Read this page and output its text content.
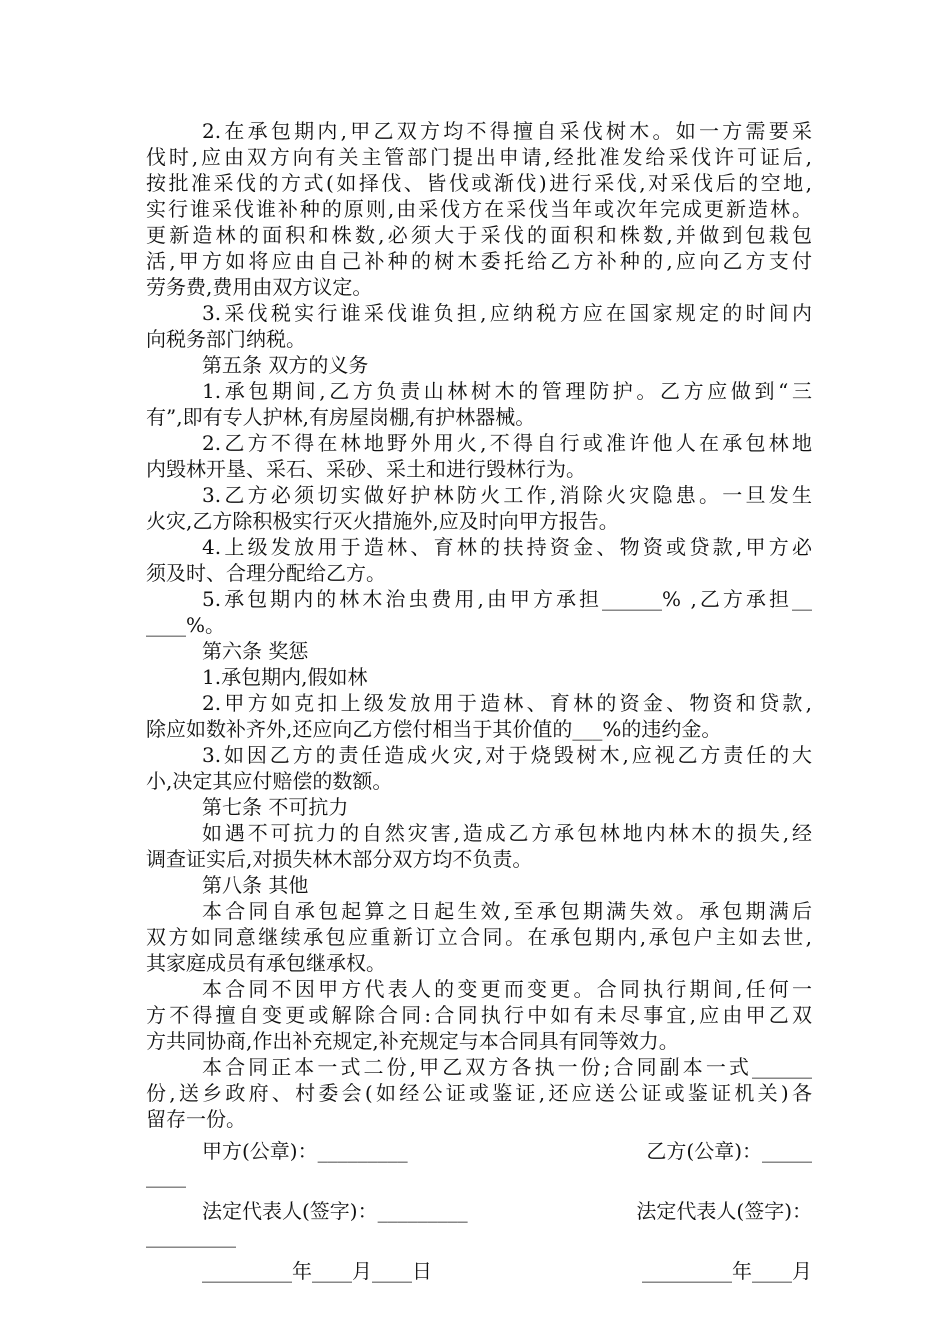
2.在承包期内,甲乙双方均不得擅自采伐树木。如一方需要采
伐时,应由双方向有关主管部门提出申请,经批准发给采伐许可证后,
按批准采伐的方式(如择伐、皆伐或渐伐)进行采伐,对采伐后的空地,
实行谁采伐谁补种的原则,由采伐方在采伐当年或次年完成更新造林。
更新造林的面积和株数,必须大于采伐的面积和株数,并做到包栽包
活,甲方如将应由自己补种的树木委托给乙方补种的,应向乙方支付
劳务费,费用由双方议定。
3.采伐税实行谁采伐谁负担,应纳税方应在国家规定的时间内
向税务部门纳税。
第五条 双方的义务
1.承包期间,乙方负责山林树木的管理防护。乙方应做到“三
有”,即有专人护林,有房屋岗棚,有护林器械。
2.乙方不得在林地野外用火,不得自行或准许他人在承包林地
内毁林开垦、采石、采砂、采土和进行毁林行为。
3.乙方必须切实做好护林防火工作,消除火灾隐患。一旦发生
火灾,乙方除积极实行灭火措施外,应及时向甲方报告。
4.上级发放用于造林、育林的扶持资金、物资或贷款,甲方必
须及时、合理分配给乙方。
5.承包期内的林木治虫费用,由甲方承担______% ,乙方承担__
____%。
第六条 奖惩
1.承包期内,假如林
2.甲方如克扣上级发放用于造林、育林的资金、物资和贷款,
除应如数补齐外,还应向乙方偿付相当于其价值的___%的违约金。
3.如因乙方的责任造成火灾,对于烧毁树木,应视乙方责任的大
小,决定其应付赔偿的数额。
第七条 不可抗力
如遇不可抗力的自然灾害,造成乙方承包林地内林木的损失,经
调查证实后,对损失林木部分双方均不负责。
第八条 其他
本合同自承包起算之日起生效,至承包期满失效。承包期满后
双方如同意继续承包应重新订立合同。在承包期内,承包户主如去世,
其家庭成员有承包继承权。
本合同不因甲方代表人的变更而变更。合同执行期间,任何一
方不得擅自变更或解除合同:合同执行中如有未尽事宜,应由甲乙双
方共同协商,作出补充规定,补充规定与本合同具有同等效力。
本合同正本一式二份,甲乙双方各执一份;合同副本一式______
份,送乡政府、村委会(如经公证或鉴证,还应送公证或鉴证机关)各
留存一份。
甲方(公章)：_________	乙方(公章)：_____
____
法定代表人(签字)：_________	法定代表人(签字)：
_________
_________年____月____日	_________年____月
